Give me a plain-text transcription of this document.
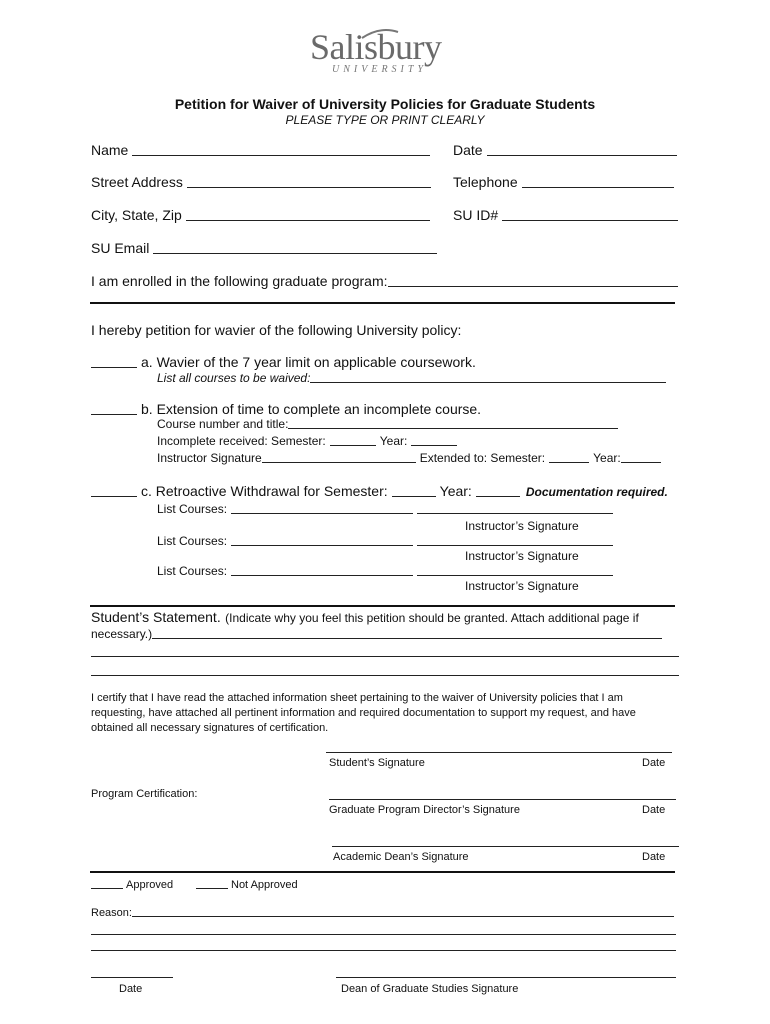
Salisbury
UNIVERSITY
Petition for Waiver of University Policies for Graduate Students
PLEASE TYPE OR PRINT CLEARLY
Name	Date
Street Address	Telephone
City, State, Zip	SU ID#
SU Email
I am enrolled in the following graduate program:
I hereby petition for wavier of the following University policy:
a. Wavier of the 7 year limit on applicable coursework.
List all courses to be waived:
b. Extension of time to complete an incomplete course.
Course number and title:
Incomplete received: Semester:	Year:
Instructor Signature	Extended to: Semester:	Year:
c. Retroactive Withdrawal for Semester:	Year:	Documentation required.
List Courses:
Instructor’s Signature
List Courses:
Instructor’s Signature
List Courses:
Instructor’s Signature
Student’s Statement. (Indicate why you feel this petition should be granted. Attach additional page if
necessary.)
I certify that I have read the attached information sheet pertaining to the waiver of University policies that I am
requesting, have attached all pertinent information and required documentation to support my request, and have
obtained all necessary signatures of certification.
Student’s Signature	Date
Program Certification:
Graduate Program Director’s Signature	Date
Academic Dean’s Signature	Date
Approved	Not Approved
Reason:
Date	Dean of Graduate Studies Signature
